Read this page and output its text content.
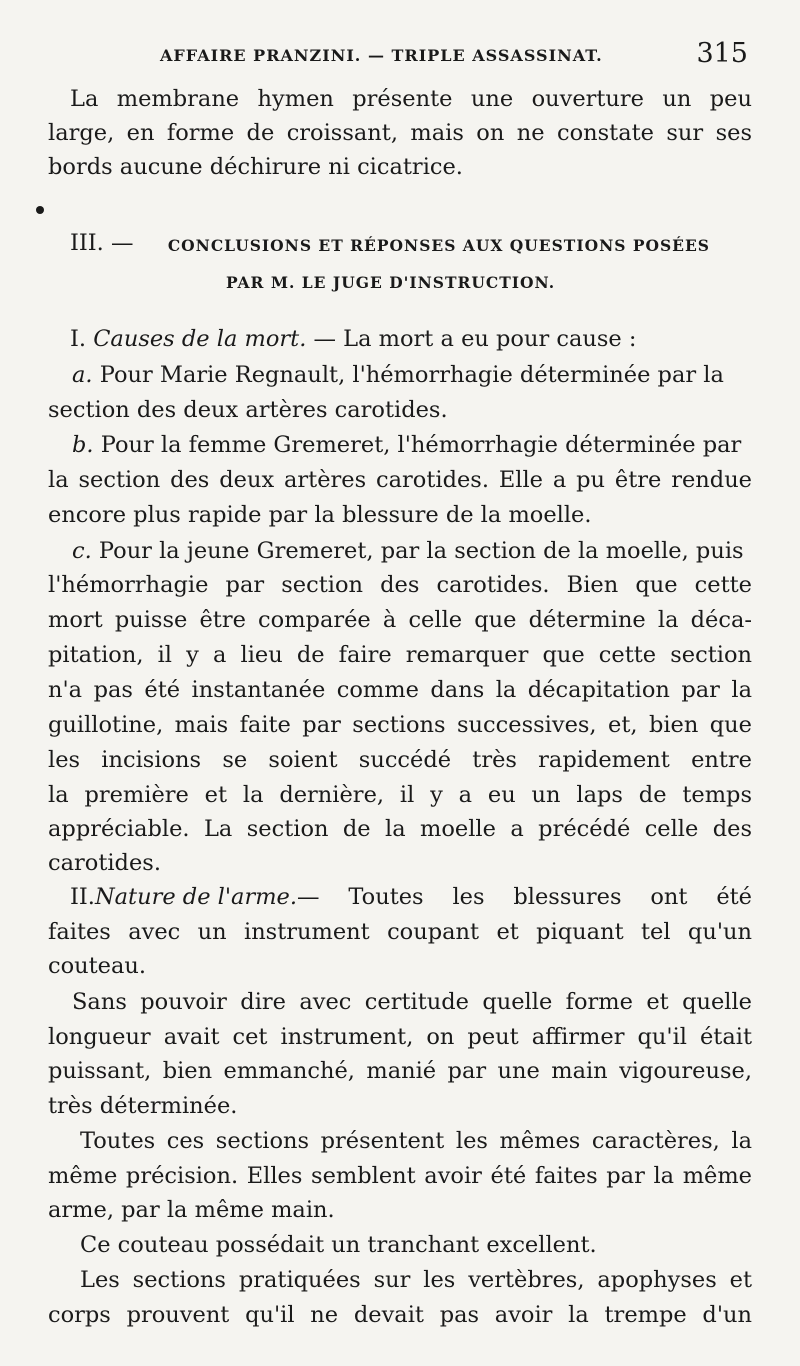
AFFAIRE PRANZINI. — TRIPLE ASSASSINAT.	315
La membrane hymen présente une ouverture un peu
large, en forme de croissant, mais on ne constate sur ses
bords aucune déchirure ni cicatrice.
III. — CONCLUSIONS ET RÉPONSES AUX QUESTIONS POSÉES
PAR M. LE JUGE D'INSTRUCTION.
I. Causes de la mort. — La mort a eu pour cause :
a. Pour Marie Regnault, l'hémorrhagie déterminée par la
section des deux artères carotides.
b. Pour la femme Gremeret, l'hémorrhagie déterminée par
la section des deux artères carotides. Elle a pu être rendue
encore plus rapide par la blessure de la moelle.
c. Pour la jeune Gremeret, par la section de la moelle, puis
l'hémorrhagie par section des carotides. Bien que cette
mort puisse être comparée à celle que détermine la déca-
pitation, il y a lieu de faire remarquer que cette section
n'a pas été instantanée comme dans la décapitation par la
guillotine, mais faite par sections successives, et, bien que
les incisions se soient succédé très rapidement entre
la première et la dernière, il y a eu un laps de temps
appréciable. La section de la moelle a précédé celle des
carotides.
II. Nature de l'arme. — Toutes les blessures ont été
faites avec un instrument coupant et piquant tel qu'un
couteau.
Sans pouvoir dire avec certitude quelle forme et quelle
longueur avait cet instrument, on peut affirmer qu'il était
puissant, bien emmanché, manié par une main vigoureuse,
très déterminée.
Toutes ces sections présentent les mêmes caractères, la
même précision. Elles semblent avoir été faites par la même
arme, par la même main.
Ce couteau possédait un tranchant excellent.
Les sections pratiquées sur les vertèbres, apophyses et
corps prouvent qu'il ne devait pas avoir la trempe d'un
